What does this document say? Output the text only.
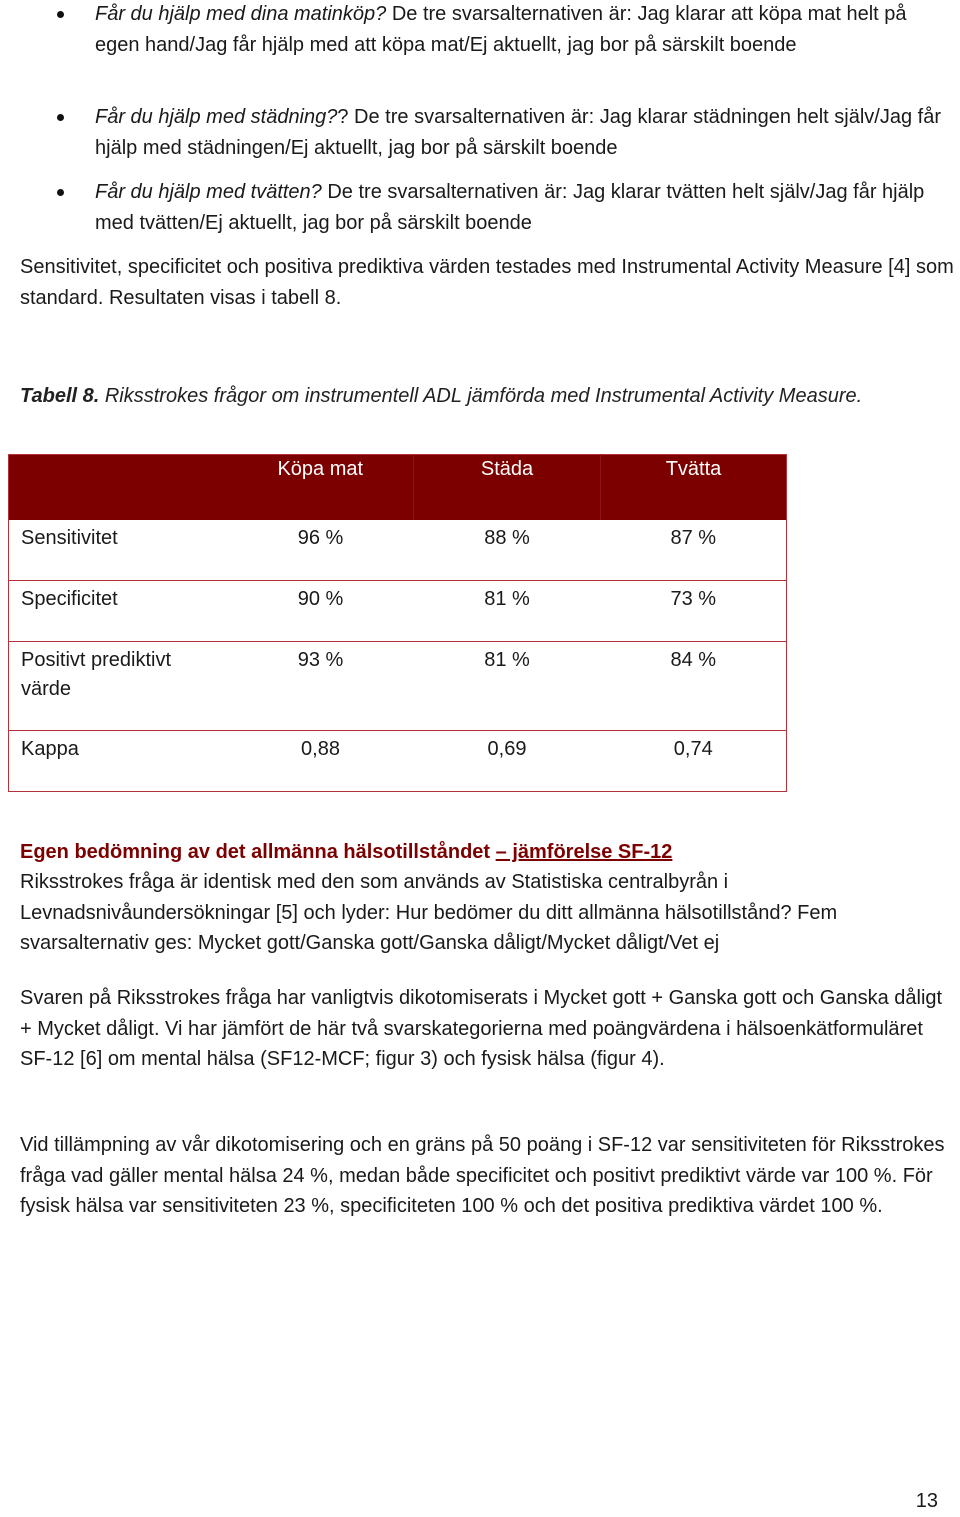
Får du hjälp med dina matinköp? De tre svarsalternativen är: Jag klarar att köpa mat helt på egen hand/Jag får hjälp med att köpa mat/Ej aktuellt, jag bor på särskilt boende
Får du hjälp med städning?? De tre svarsalternativen är: Jag klarar städningen helt själv/Jag får hjälp med städningen/Ej aktuellt, jag bor på särskilt boende
Får du hjälp med tvätten? De tre svarsalternativen är: Jag klarar tvätten helt själv/Jag får hjälp med tvätten/Ej aktuellt, jag bor på särskilt boende
Sensitivitet, specificitet och positiva prediktiva värden testades med Instrumental Activity Measure [4] som standard. Resultaten visas i tabell 8.
Tabell 8. Riksstrokes frågor om instrumentell ADL jämförda med Instrumental Activity Measure.
	Köpa mat	Städa	Tvätta
Sensitivitet	96 %	88 %	87 %
Specificitet	90 %	81 %	73 %
Positivt prediktivt värde	93 %	81 %	84 %
Kappa	0,88	0,69	0,74
Egen bedömning av det allmänna hälsotillståndet – jämförelse SF-12
Riksstrokes fråga är identisk med den som används av Statistiska centralbyrån i Levnadsnivåundersökningar [5] och lyder: Hur bedömer du ditt allmänna hälsotillstånd? Fem svarsalternativ ges: Mycket gott/Ganska gott/Ganska dåligt/Mycket dåligt/Vet ej
Svaren på Riksstrokes fråga har vanligtvis dikotomiserats i Mycket gott + Ganska gott och Ganska dåligt + Mycket dåligt. Vi har jämfört de här två svarskategorierna med poängvärdena i hälsoenkätformuläret SF-12 [6] om mental hälsa (SF12-MCF; figur 3) och fysisk hälsa (figur 4).
Vid tillämpning av vår dikotomisering och en gräns på 50 poäng i SF-12 var sensitiviteten för Riksstrokes fråga vad gäller mental hälsa 24 %, medan både specificitet och positivt prediktivt värde var 100 %. För fysisk hälsa var sensitiviteten 23 %, specificiteten 100 % och det positiva prediktiva värdet 100 %.
13
